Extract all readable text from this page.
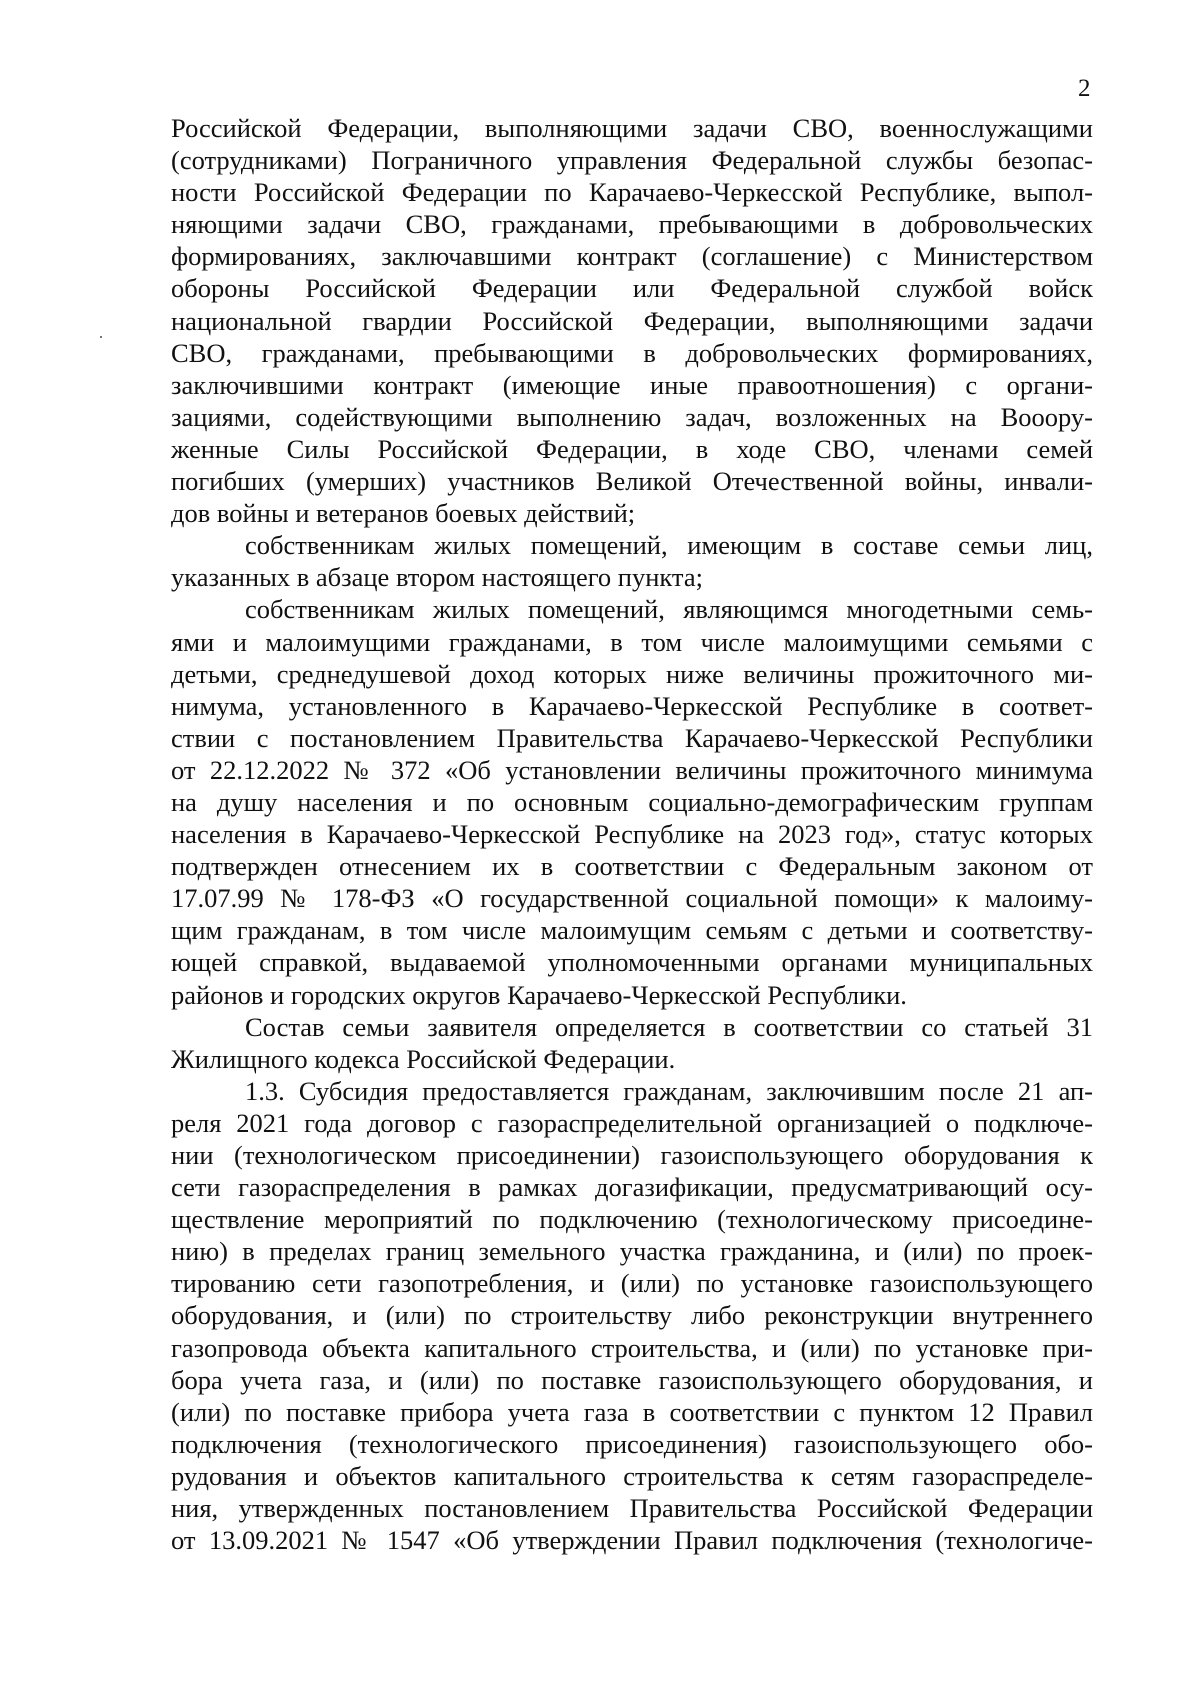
2
Российской Федерации, выполняющими задачи СВО, военнослужащими
(сотрудниками) Пограничного управления Федеральной службы безопас-
ности Российской Федерации по Карачаево-Черкесской Республике, выпол-
няющими задачи СВО, гражданами, пребывающими в добровольческих
формированиях, заключавшими контракт (соглашение) с Министерством
обороны Российской Федерации или Федеральной службой войск
национальной гвардии Российской Федерации, выполняющими задачи
СВО, гражданами, пребывающими в добровольческих формированиях,
заключившими контракт (имеющие иные правоотношения) с органи-
зациями, содействующими выполнению задач, возложенных на Вооору-
женные Силы Российской Федерации, в ходе СВО, членами семей
погибших (умерших) участников Великой Отечественной войны, инвали-
дов войны и ветеранов боевых действий;
собственникам жилых помещений, имеющим в составе семьи лиц,
указанных в абзаце втором настоящего пункта;
собственникам жилых помещений, являющимся многодетными семь-
ями и малоимущими гражданами, в том числе малоимущими семьями с
детьми, среднедушевой доход которых ниже величины прожиточного ми-
нимума, установленного в Карачаево-Черкесской Республике в соответ-
ствии с постановлением Правительства Карачаево-Черкесской Республики
от 22.12.2022 № 372 «Об установлении величины прожиточного минимума
на душу населения и по основным социально-демографическим группам
населения в Карачаево-Черкесской Республике на 2023 год», статус которых
подтвержден отнесением их в соответствии с Федеральным законом от
17.07.99 № 178-ФЗ «О государственной социальной помощи» к малоиму-
щим гражданам, в том числе малоимущим семьям с детьми и соответству-
ющей справкой, выдаваемой уполномоченными органами муниципальных
районов и городских округов Карачаево-Черкесской Республики.
Состав семьи заявителя определяется в соответствии со статьей 31
Жилищного кодекса Российской Федерации.
1.3. Субсидия предоставляется гражданам, заключившим после 21 ап-
реля 2021 года договор с газораспределительной организацией о подключе-
нии (технологическом присоединении) газоиспользующего оборудования к
сети газораспределения в рамках догазификации, предусматривающий осу-
ществление мероприятий по подключению (технологическому присоедине-
нию) в пределах границ земельного участка гражданина, и (или) по проек-
тированию сети газопотребления, и (или) по установке газоиспользующего
оборудования, и (или) по строительству либо реконструкции внутреннего
газопровода объекта капитального строительства, и (или) по установке при-
бора учета газа, и (или) по поставке газоиспользующего оборудования, и
(или) по поставке прибора учета газа в соответствии с пунктом 12 Правил
подключения (технологического присоединения) газоиспользующего обо-
рудования и объектов капитального строительства к сетям газораспределе-
ния, утвержденных постановлением Правительства Российской Федерации
от 13.09.2021 № 1547 «Об утверждении Правил подключения (технологиче-
